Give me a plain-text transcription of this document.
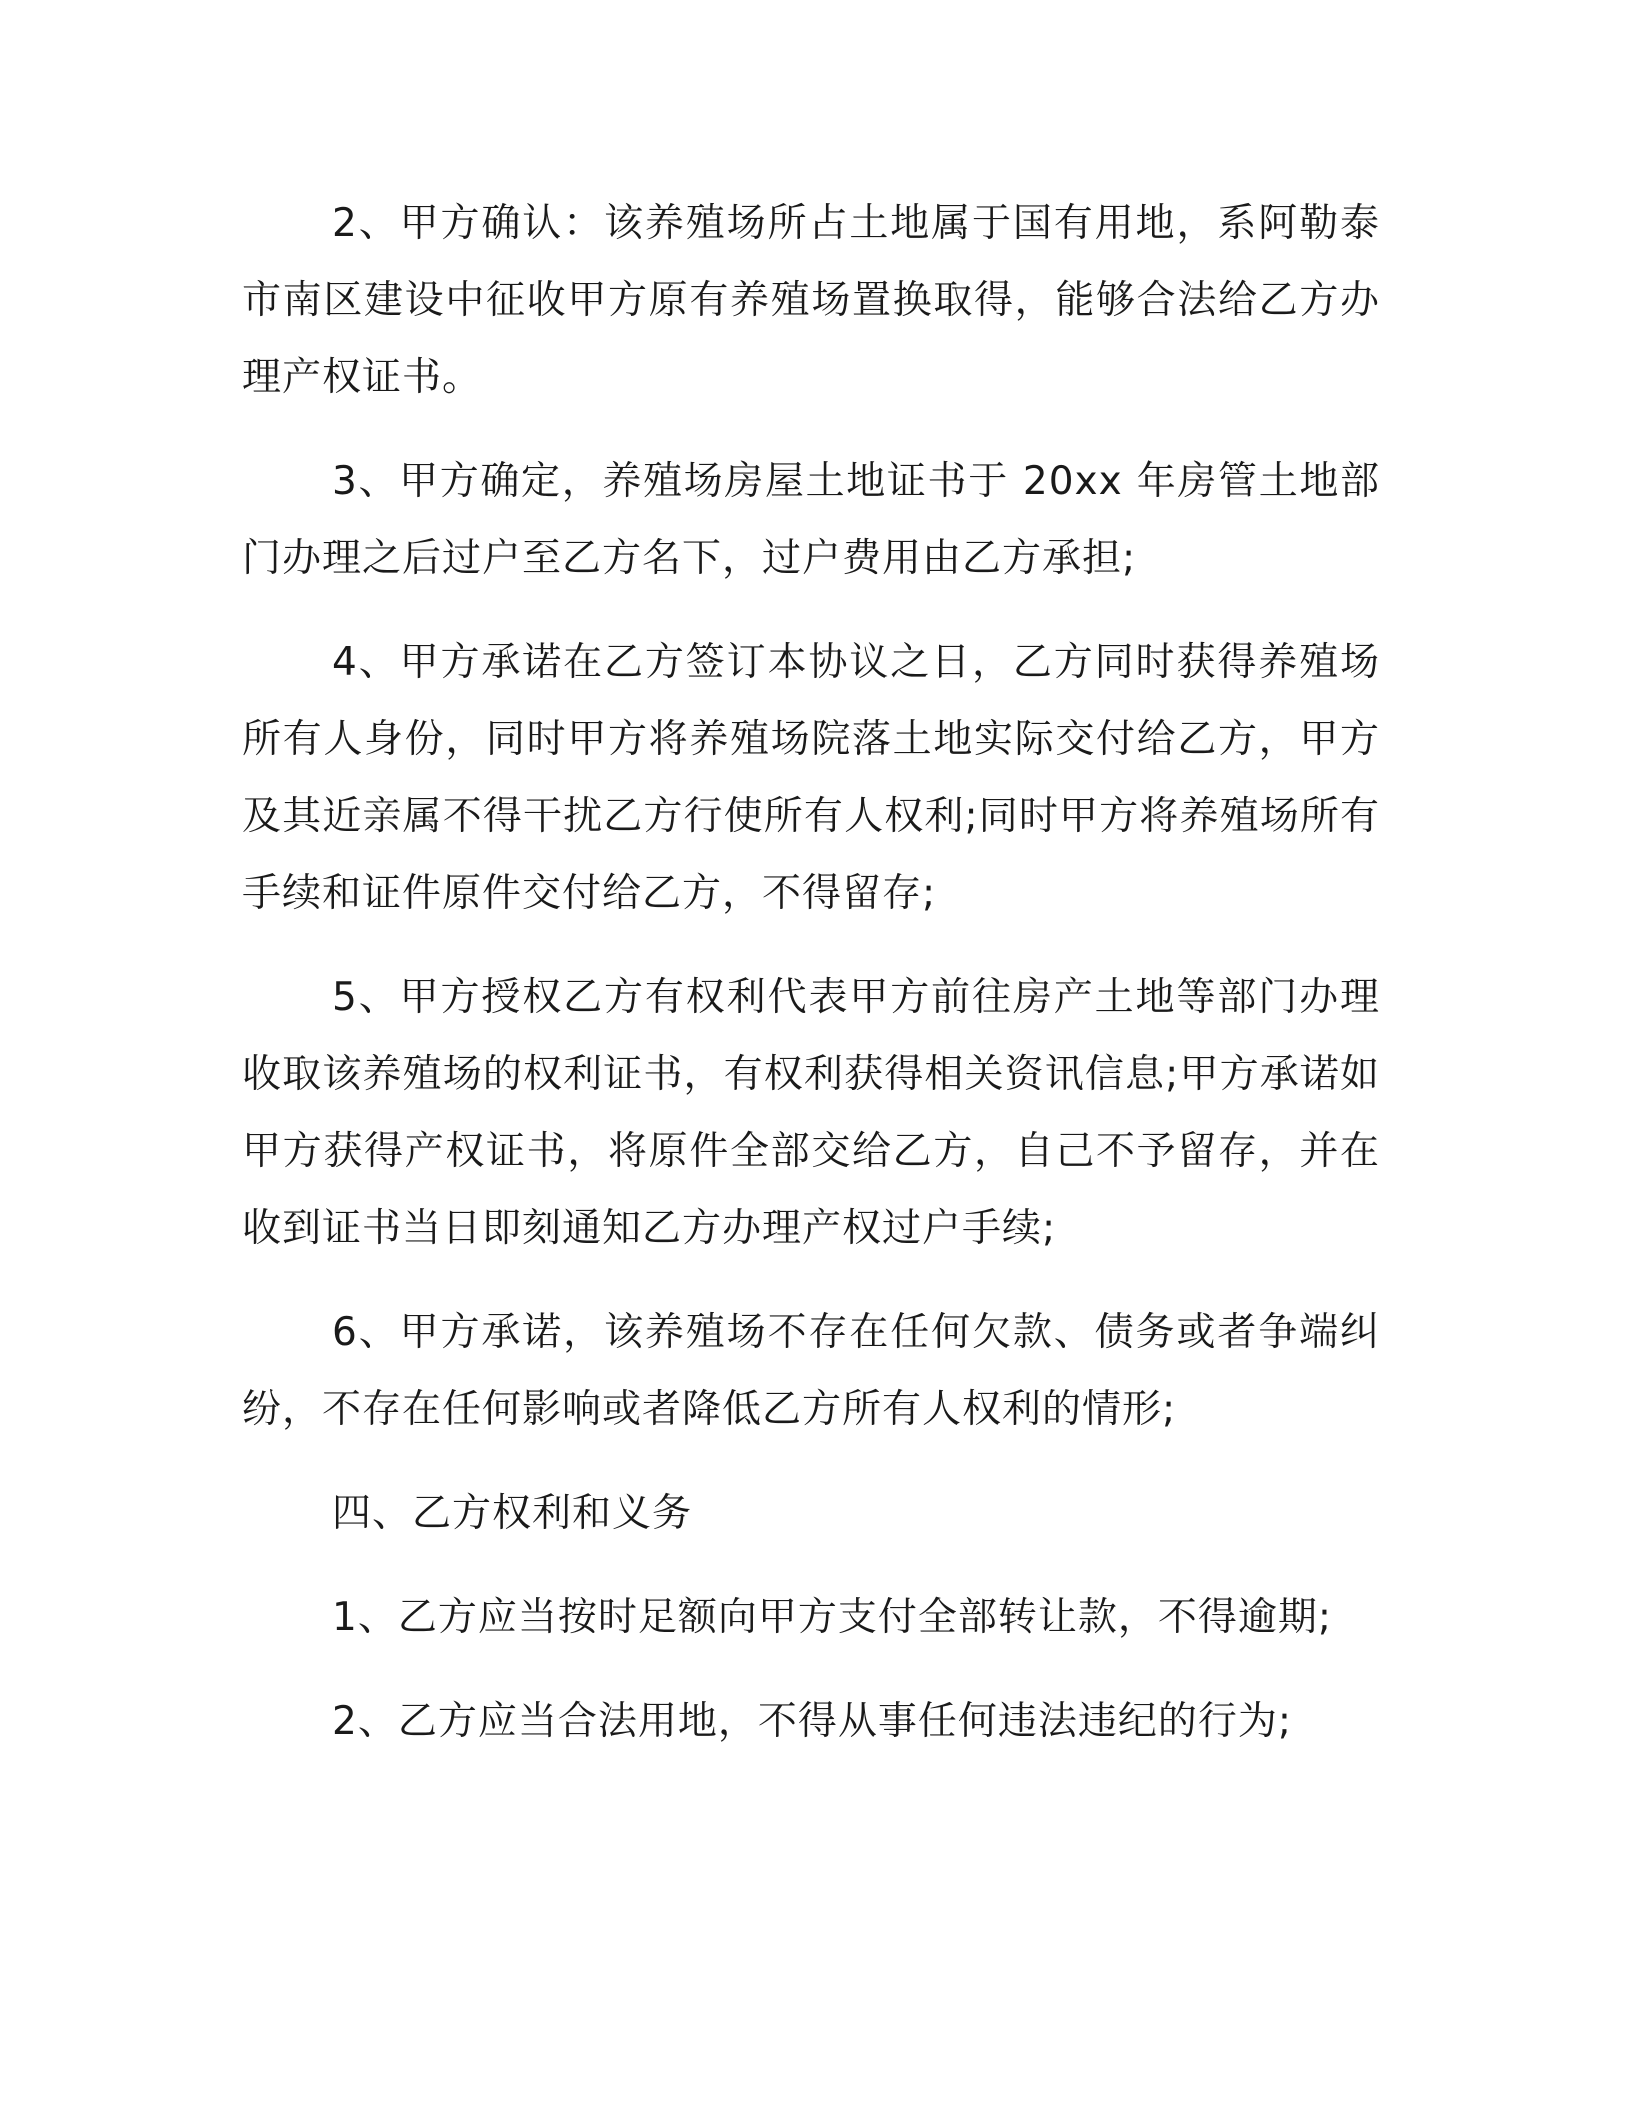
2、甲方确认：该养殖场所占土地属于国有用地，系阿勒泰市南区建设中征收甲方原有养殖场置换取得，能够合法给乙方办理产权证书。

3、甲方确定，养殖场房屋土地证书于 20xx 年房管土地部门办理之后过户至乙方名下，过户费用由乙方承担;

4、甲方承诺在乙方签订本协议之日，乙方同时获得养殖场所有人身份，同时甲方将养殖场院落土地实际交付给乙方，甲方及其近亲属不得干扰乙方行使所有人权利;同时甲方将养殖场所有手续和证件原件交付给乙方，不得留存;

5、甲方授权乙方有权利代表甲方前往房产土地等部门办理收取该养殖场的权利证书，有权利获得相关资讯信息;甲方承诺如甲方获得产权证书，将原件全部交给乙方，自己不予留存，并在收到证书当日即刻通知乙方办理产权过户手续;

6、甲方承诺，该养殖场不存在任何欠款、债务或者争端纠纷，不存在任何影响或者降低乙方所有人权利的情形;

四、乙方权利和义务

1、乙方应当按时足额向甲方支付全部转让款，不得逾期;

2、乙方应当合法用地，不得从事任何违法违纪的行为;
